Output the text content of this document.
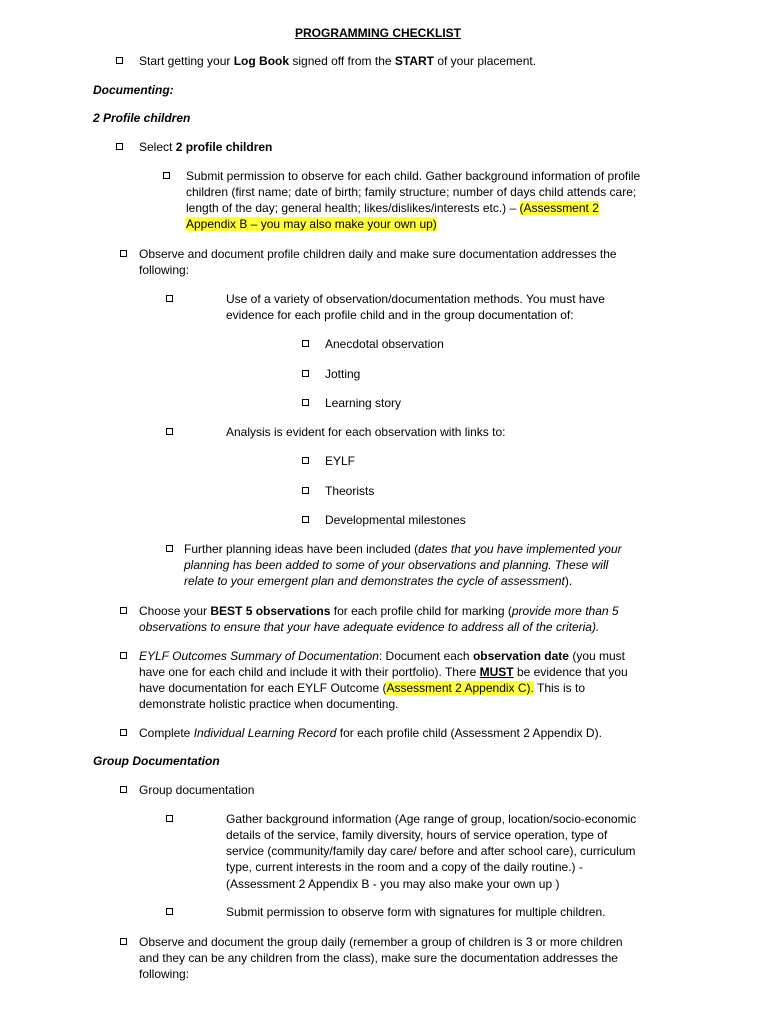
PROGRAMMING CHECKLIST
Start getting your Log Book signed off from the START of your placement.
Documenting:
2 Profile children
Select 2 profile children
Submit permission to observe for each child. Gather background information of profile
children (first name; date of birth; family structure; number of days child attends care;
length of the day; general health; likes/dislikes/interests etc.) – (Assessment 2
Appendix B – you may also make your own up)
Observe and document profile children daily and make sure documentation addresses the
following:
Use of a variety of observation/documentation methods. You must have
evidence for each profile child and in the group documentation of:
Anecdotal observation
Jotting
Learning story
Analysis is evident for each observation with links to:
EYLF
Theorists
Developmental milestones
Further planning ideas have been included (dates that you have implemented your
planning has been added to some of your observations and planning. These will
relate to your emergent plan and demonstrates the cycle of assessment).
Choose your BEST 5 observations for each profile child for marking (provide more than 5
observations to ensure that your have adequate evidence to address all of the criteria).
EYLF Outcomes Summary of Documentation: Document each observation date (you must
have one for each child and include it with their portfolio). There MUST be evidence that you
have documentation for each EYLF Outcome (Assessment 2 Appendix C). This is to
demonstrate holistic practice when documenting.
Complete Individual Learning Record for each profile child (Assessment 2 Appendix D).
Group Documentation
Group documentation
Gather background information (Age range of group, location/socio-economic
details of the service, family diversity, hours of service operation, type of
service (community/family day care/ before and after school care), curriculum
type, current interests in the room and a copy of the daily routine.) -
(Assessment 2 Appendix B - you may also make your own up )
Submit permission to observe form with signatures for multiple children.
Observe and document the group daily (remember a group of children is 3 or more children
and they can be any children from the class), make sure the documentation addresses the
following:
